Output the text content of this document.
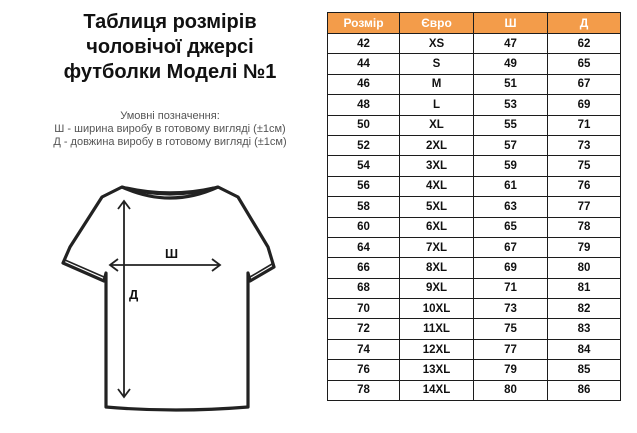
Таблиця розмірів
чоловічої джерсі
футболки Моделі №1
Умовні позначення:
Ш - ширина виробу в готовому вигляді (±1см)
Д - довжина виробу в готовому вигляді (±1см)
Ш
Д
Розмір	Євро	Ш	Д
42	XS	47	62
44	S	49	65
46	M	51	67
48	L	53	69
50	XL	55	71
52	2XL	57	73
54	3XL	59	75
56	4XL	61	76
58	5XL	63	77
60	6XL	65	78
64	7XL	67	79
66	8XL	69	80
68	9XL	71	81
70	10XL	73	82
72	11XL	75	83
74	12XL	77	84
76	13XL	79	85
78	14XL	80	86
